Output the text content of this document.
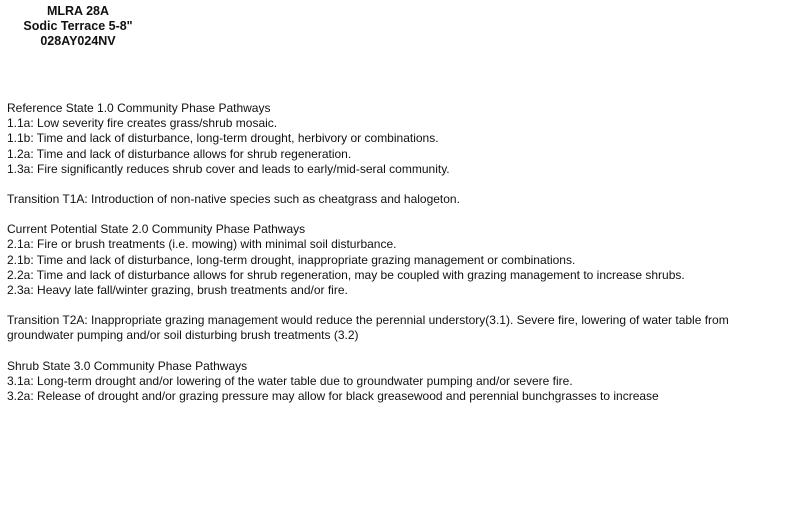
MLRA 28A
Sodic Terrace 5-8"
028AY024NV
Reference State 1.0 Community Phase Pathways
1.1a: Low severity fire creates grass/shrub mosaic.
1.1b: Time and lack of disturbance, long-term drought, herbivory or combinations.
1.2a: Time and lack of disturbance allows for shrub regeneration.
1.3a: Fire significantly reduces shrub cover and leads to early/mid-seral community.
Transition T1A: Introduction of non-native species such as cheatgrass and halogeton.
Current Potential State 2.0 Community Phase Pathways
2.1a: Fire or brush treatments (i.e. mowing) with minimal soil disturbance.
2.1b: Time and lack of disturbance, long-term drought, inappropriate grazing management or combinations.
2.2a: Time and lack of disturbance allows for shrub regeneration, may be coupled with grazing management to increase shrubs.
2.3a: Heavy late fall/winter grazing, brush treatments and/or fire.
Transition T2A: Inappropriate grazing management would reduce the perennial understory(3.1). Severe fire, lowering of water table from groundwater pumping and/or soil disturbing brush treatments (3.2)
Shrub State 3.0 Community Phase Pathways
3.1a: Long-term drought and/or lowering of the water table due to groundwater pumping and/or severe fire.
3.2a: Release of drought and/or grazing pressure may allow for black greasewood and perennial bunchgrasses to increase
